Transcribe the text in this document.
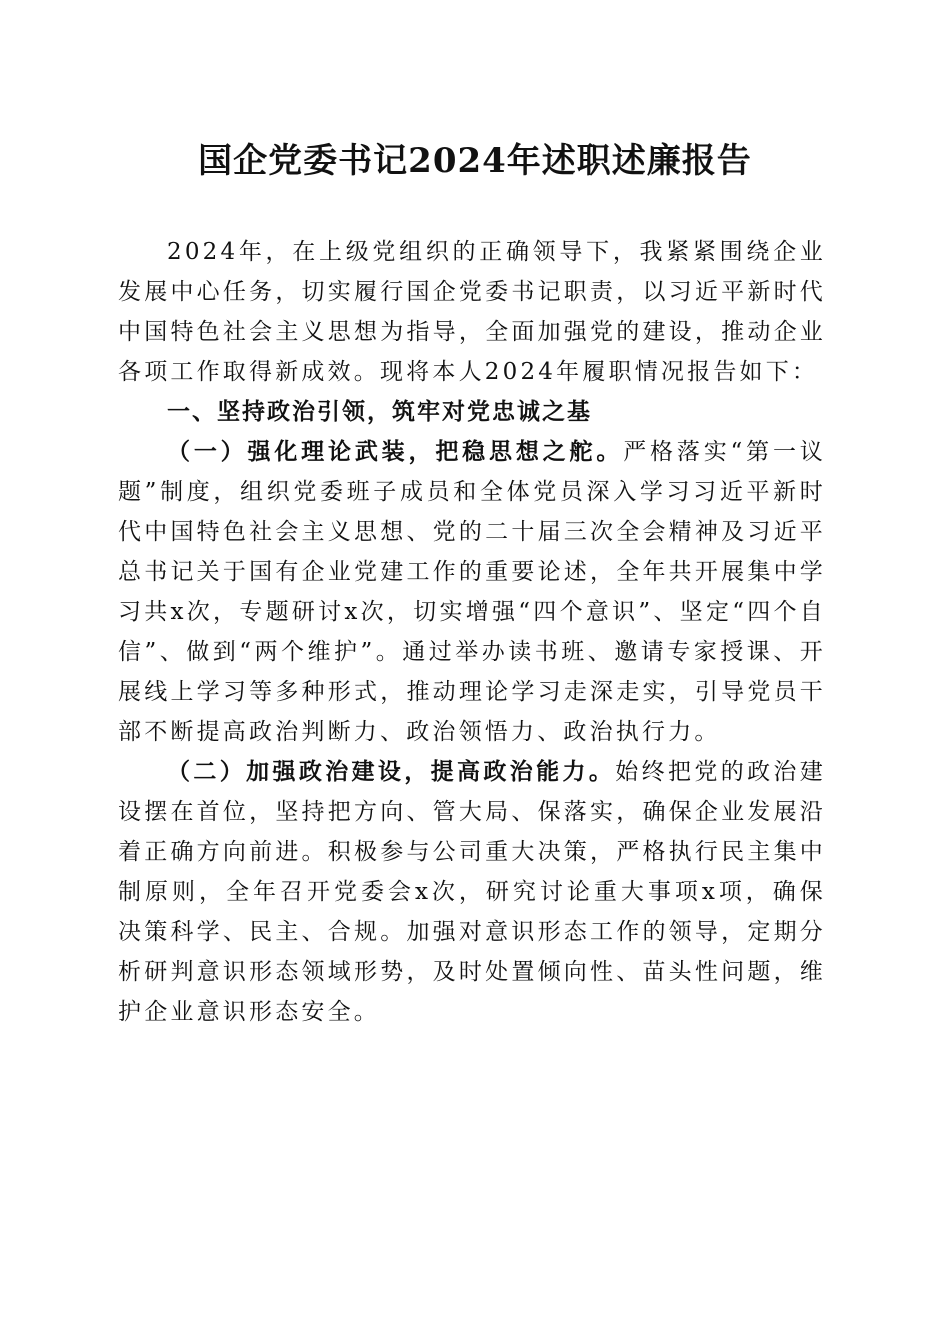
国企党委书记2024年述职述廉报告

2024年，在上级党组织的正确领导下，我紧紧围绕企业发展中心任务，切实履行国企党委书记职责，以习近平新时代中国特色社会主义思想为指导，全面加强党的建设，推动企业各项工作取得新成效。现将本人2024年履职情况报告如下：

一、坚持政治引领，筑牢对党忠诚之基

（一）强化理论武装，把稳思想之舵。严格落实“第一议题”制度，组织党委班子成员和全体党员深入学习习近平新时代中国特色社会主义思想、党的二十届三次全会精神及习近平总书记关于国有企业党建工作的重要论述，全年共开展集中学习共x次，专题研讨x次，切实增强“四个意识”、坚定“四个自信”、做到“两个维护”。通过举办读书班、邀请专家授课、开展线上学习等多种形式，推动理论学习走深走实，引导党员干部不断提高政治判断力、政治领悟力、政治执行力。

（二）加强政治建设，提高政治能力。始终把党的政治建设摆在首位，坚持把方向、管大局、保落实，确保企业发展沿着正确方向前进。积极参与公司重大决策，严格执行民主集中制原则，全年召开党委会x次，研究讨论重大事项x项，确保决策科学、民主、合规。加强对意识形态工作的领导，定期分析研判意识形态领域形势，及时处置倾向性、苗头性问题，维护企业意识形态安全。
